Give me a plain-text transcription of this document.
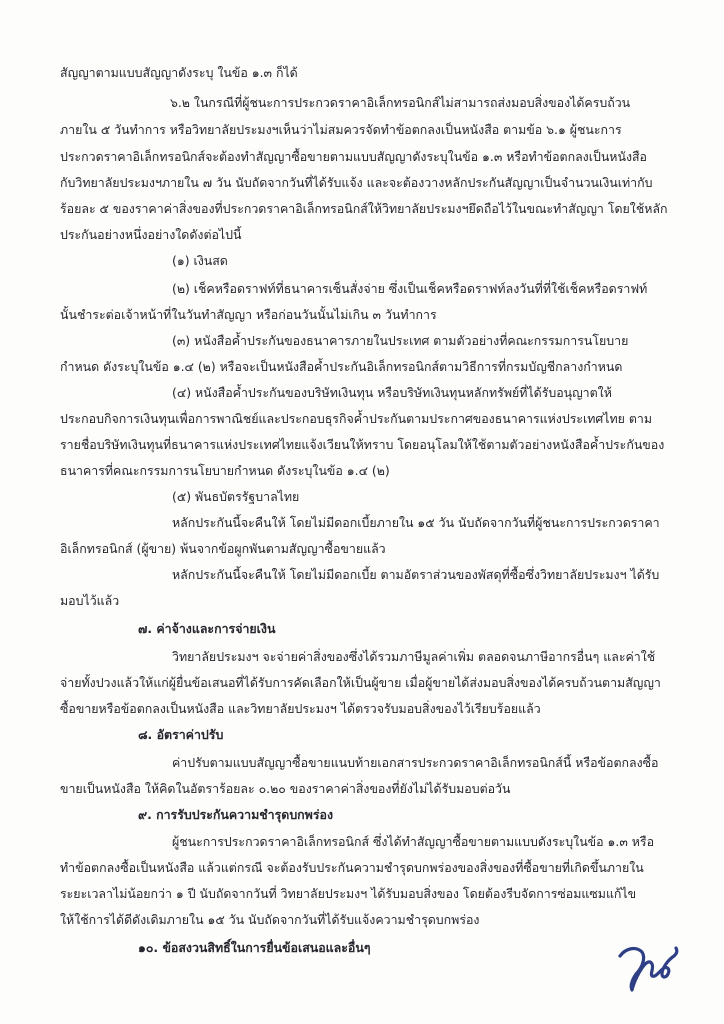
สัญญาตามแบบสัญญาดังระบุ ในข้อ ๑.๓ ก็ได้
๖.๒ ในกรณีที่ผู้ชนะการประกวดราคาอิเล็กทรอนิกส์ไม่สามารถส่งมอบสิ่งของได้ครบถ้วน
ภายใน ๕ วันทำการ หรือวิทยาลัยประมงฯเห็นว่าไม่สมควรจัดทำข้อตกลงเป็นหนังสือ ตามข้อ ๖.๑ ผู้ชนะการ
ประกวดราคาอิเล็กทรอนิกส์จะต้องทำสัญญาซื้อขายตามแบบสัญญาดังระบุในข้อ ๑.๓ หรือทำข้อตกลงเป็นหนังสือ
กับวิทยาลัยประมงฯภายใน ๗ วัน นับถัดจากวันที่ได้รับแจ้ง และจะต้องวางหลักประกันสัญญาเป็นจำนวนเงินเท่ากับ
ร้อยละ ๕ ของราคาค่าสิ่งของที่ประกวดราคาอิเล็กทรอนิกส์ให้วิทยาลัยประมงฯยึดถือไว้ในขณะทำสัญญา โดยใช้หลัก
ประกันอย่างหนึ่งอย่างใดดังต่อไปนี้
(๑) เงินสด
(๒) เช็คหรือดราฟท์ที่ธนาคารเซ็นสั่งจ่าย ซึ่งเป็นเช็คหรือดราฟท์ลงวันที่ที่ใช้เช็คหรือดราฟท์
นั้นชำระต่อเจ้าหน้าที่ในวันทำสัญญา หรือก่อนวันนั้นไม่เกิน ๓ วันทำการ
(๓) หนังสือค้ำประกันของธนาคารภายในประเทศ ตามตัวอย่างที่คณะกรรมการนโยบาย
กำหนด ดังระบุในข้อ ๑.๔ (๒) หรือจะเป็นหนังสือค้ำประกันอิเล็กทรอนิกส์ตามวิธีการที่กรมบัญชีกลางกำหนด
(๔) หนังสือค้ำประกันของบริษัทเงินทุน หรือบริษัทเงินทุนหลักทรัพย์ที่ได้รับอนุญาตให้
ประกอบกิจการเงินทุนเพื่อการพาณิชย์และประกอบธุรกิจค้ำประกันตามประกาศของธนาคารแห่งประเทศไทย ตาม
รายชื่อบริษัทเงินทุนที่ธนาคารแห่งประเทศไทยแจ้งเวียนให้ทราบ โดยอนุโลมให้ใช้ตามตัวอย่างหนังสือค้ำประกันของ
ธนาคารที่คณะกรรมการนโยบายกำหนด ดังระบุในข้อ ๑.๔ (๒)
(๕) พันธบัตรรัฐบาลไทย
หลักประกันนี้จะคืนให้ โดยไม่มีดอกเบี้ยภายใน ๑๕ วัน นับถัดจากวันที่ผู้ชนะการประกวดราคา
อิเล็กทรอนิกส์ (ผู้ขาย) พ้นจากข้อผูกพันตามสัญญาซื้อขายแล้ว
หลักประกันนี้จะคืนให้ โดยไม่มีดอกเบี้ย ตามอัตราส่วนของพัสดุที่ซื้อซึ่งวิทยาลัยประมงฯ ได้รับ
มอบไว้แล้ว
๗. ค่าจ้างและการจ่ายเงิน
วิทยาลัยประมงฯ จะจ่ายค่าสิ่งของซึ่งได้รวมภาษีมูลค่าเพิ่ม ตลอดจนภาษีอากรอื่นๆ และค่าใช้
จ่ายทั้งปวงแล้วให้แก่ผู้ยื่นข้อเสนอที่ได้รับการคัดเลือกให้เป็นผู้ขาย เมื่อผู้ขายได้ส่งมอบสิ่งของได้ครบถ้วนตามสัญญา
ซื้อขายหรือข้อตกลงเป็นหนังสือ และวิทยาลัยประมงฯ ได้ตรวจรับมอบสิ่งของไว้เรียบร้อยแล้ว
๘. อัตราค่าปรับ
ค่าปรับตามแบบสัญญาซื้อขายแนบท้ายเอกสารประกวดราคาอิเล็กทรอนิกส์นี้ หรือข้อตกลงซื้อ
ขายเป็นหนังสือ ให้คิดในอัตราร้อยละ ๐.๒๐ ของราคาค่าสิ่งของที่ยังไม่ได้รับมอบต่อวัน
๙. การรับประกันความชำรุดบกพร่อง
ผู้ชนะการประกวดราคาอิเล็กทรอนิกส์ ซึ่งได้ทำสัญญาซื้อขายตามแบบดังระบุในข้อ ๑.๓ หรือ
ทำข้อตกลงซื้อเป็นหนังสือ แล้วแต่กรณี จะต้องรับประกันความชำรุดบกพร่องของสิ่งของที่ซื้อขายที่เกิดขึ้นภายใน
ระยะเวลาไม่น้อยกว่า ๑ ปี นับถัดจากวันที่ วิทยาลัยประมงฯ ได้รับมอบสิ่งของ โดยต้องรีบจัดการซ่อมแซมแก้ไข
ให้ใช้การได้ดีดังเดิมภายใน ๑๕ วัน นับถัดจากวันที่ได้รับแจ้งความชำรุดบกพร่อง
๑๐. ข้อสงวนสิทธิ์ในการยื่นข้อเสนอและอื่นๆ
